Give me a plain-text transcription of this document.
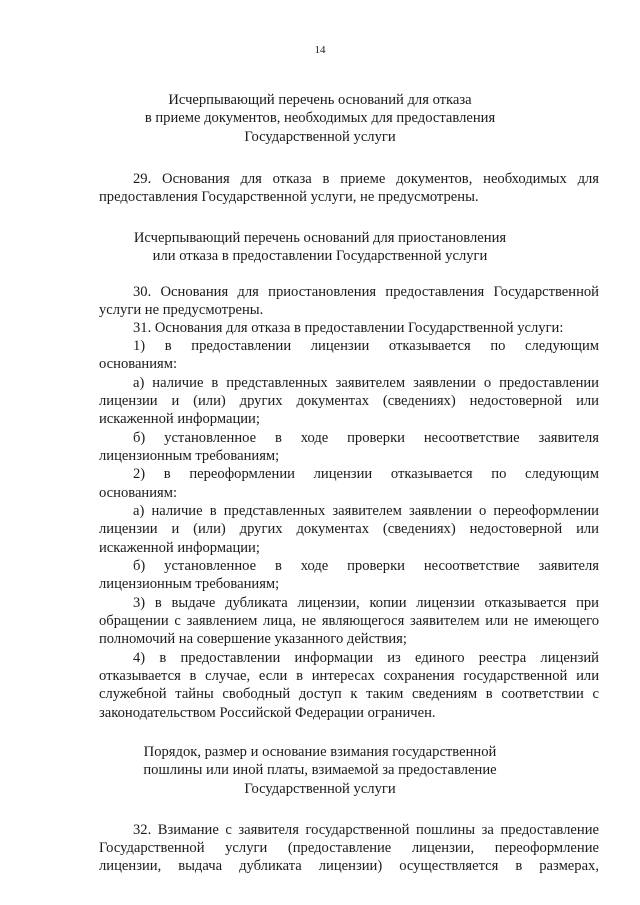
14
Исчерпывающий перечень оснований для отказа
в приеме документов, необходимых для предоставления
Государственной услуги
29. Основания для отказа в приеме документов, необходимых для
предоставления Государственной услуги, не предусмотрены.
Исчерпывающий перечень оснований для приостановления
или отказа в предоставлении Государственной услуги
30. Основания для приостановления предоставления Государственной
услуги не предусмотрены.
31. Основания для отказа в предоставлении Государственной услуги:
1) в предоставлении лицензии отказывается по следующим
основаниям:
а) наличие в представленных заявителем заявлении о предоставлении
лицензии и (или) других документах (сведениях) недостоверной или
искаженной информации;
б) установленное в ходе проверки несоответствие заявителя
лицензионным требованиям;
2) в переоформлении лицензии отказывается по следующим
основаниям:
а) наличие в представленных заявителем заявлении о переоформлении
лицензии и (или) других документах (сведениях) недостоверной или
искаженной информации;
б) установленное в ходе проверки несоответствие заявителя
лицензионным требованиям;
3) в выдаче дубликата лицензии, копии лицензии отказывается при
обращении с заявлением лица, не являющегося заявителем или не имеющего
полномочий на совершение указанного действия;
4) в предоставлении информации из единого реестра лицензий
отказывается в случае, если в интересах сохранения государственной или
служебной тайны свободный доступ к таким сведениям в соответствии с
законодательством Российской Федерации ограничен.
Порядок, размер и основание взимания государственной
пошлины или иной платы, взимаемой за предоставление
Государственной услуги
32. Взимание с заявителя государственной пошлины за предоставление
Государственной услуги (предоставление лицензии, переоформление
лицензии, выдача дубликата лицензии) осуществляется в размерах,
